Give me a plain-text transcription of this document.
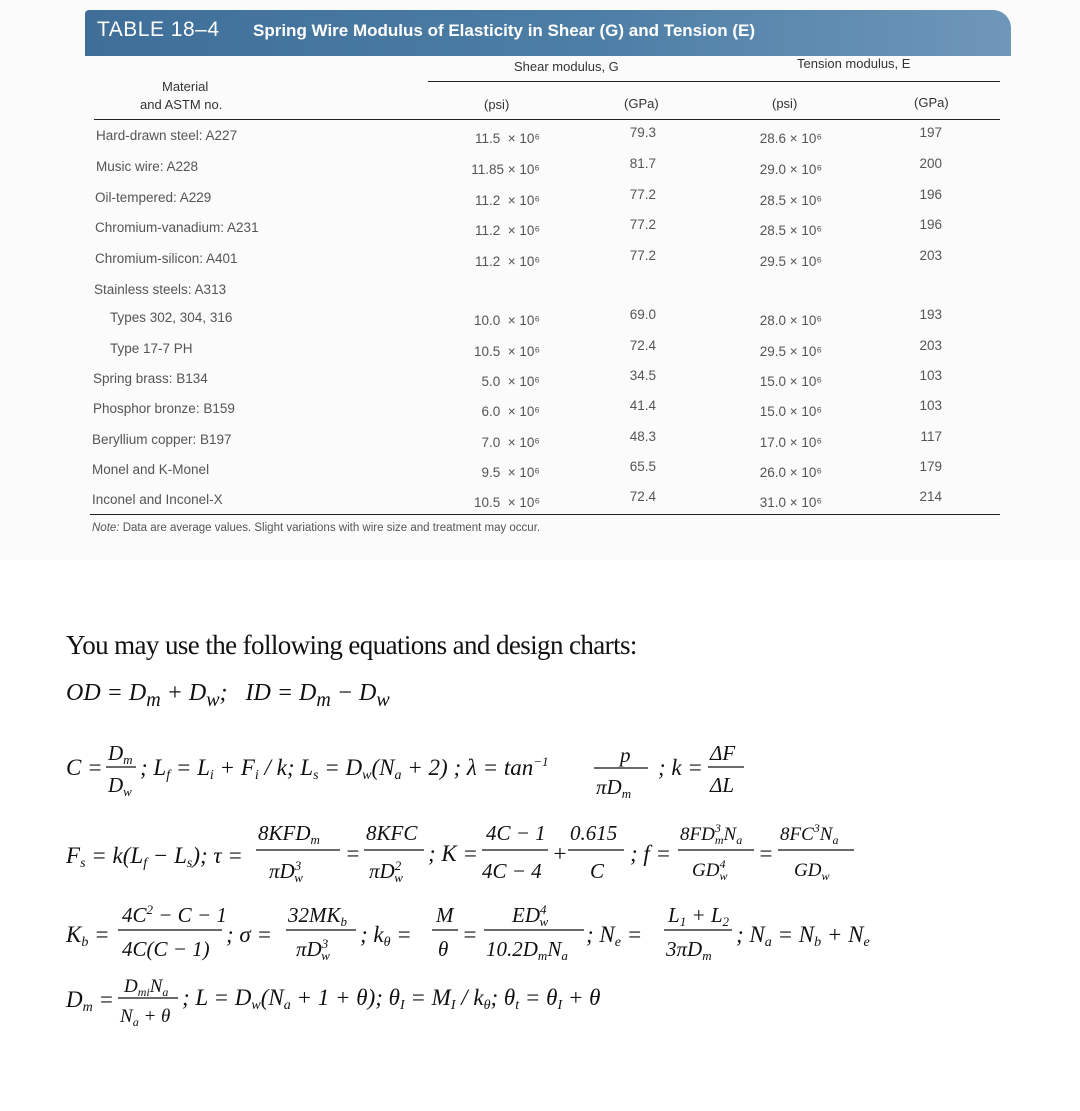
TABLE 18–4 Spring Wire Modulus of Elasticity in Shear (G) and Tension (E)
Material
and ASTM no.
Shear modulus, G	Tension modulus, E
(psi)	(GPa)	(psi)	(GPa)
Hard-drawn steel: A227	11.5  × 10⁶	79.3	28.6 × 10⁶	197
Music wire: A228	11.85 × 10⁶	81.7	29.0 × 10⁶	200
Oil-tempered: A229	11.2  × 10⁶	77.2	28.5 × 10⁶	196
Chromium-vanadium: A231	11.2  × 10⁶	77.2	28.5 × 10⁶	196
Chromium-silicon: A401	11.2  × 10⁶	77.2	29.5 × 10⁶	203
Stainless steels: A313
Types 302, 304, 316	10.0  × 10⁶	69.0	28.0 × 10⁶	193
Type 17-7 PH	10.5  × 10⁶	72.4	29.5 × 10⁶	203
Spring brass: B134	5.0  × 10⁶	34.5	15.0 × 10⁶	103
Phosphor bronze: B159	6.0  × 10⁶	41.4	15.0 × 10⁶	103
Beryllium copper: B197	7.0  × 10⁶	48.3	17.0 × 10⁶	117
Monel and K-Monel	9.5  × 10⁶	65.5	26.0 × 10⁶	179
Inconel and Inconel-X	10.5  × 10⁶	72.4	31.0 × 10⁶	214
Note: Data are average values. Slight variations with wire size and treatment may occur.
You may use the following equations and design charts:
OD = $D_m + D_w$;   ID = $D_m - D_w$
C =
Dm
Dw
; Lf = Li + Fi / k; Ls = Dw(Na + 2) ; $\lambda = \tan^{-1}$	p
πDm
; k =
ΔF
ΔL
Fs = k(Lf − Ls); τ =
8KFDm
$\pi D^3$ w
=
8KFC
$\pi D^2$ w
; K =
4C − 1
4C − 4
+
0.615
C
; f =
$8FD^3$ $mN_a$
$GD^4$ w
=
$8FC^3N_a$
$GD_w$
Kb =
$4C^2 - C - 1$
4C(C − 1)
; σ =
32MKb
$\pi D^3$ w
; kθ =
M
θ
=
$ED^4$ w
10.2DmNa
; Ne =
L1 + L2
3πDm
; Na = Nb + Ne
Dm =
$D_{mi}N_a$
$N_a + \theta$
; L = Dw(Na + 1 + θ); θI = MI / kθ; θt = θI + θ
